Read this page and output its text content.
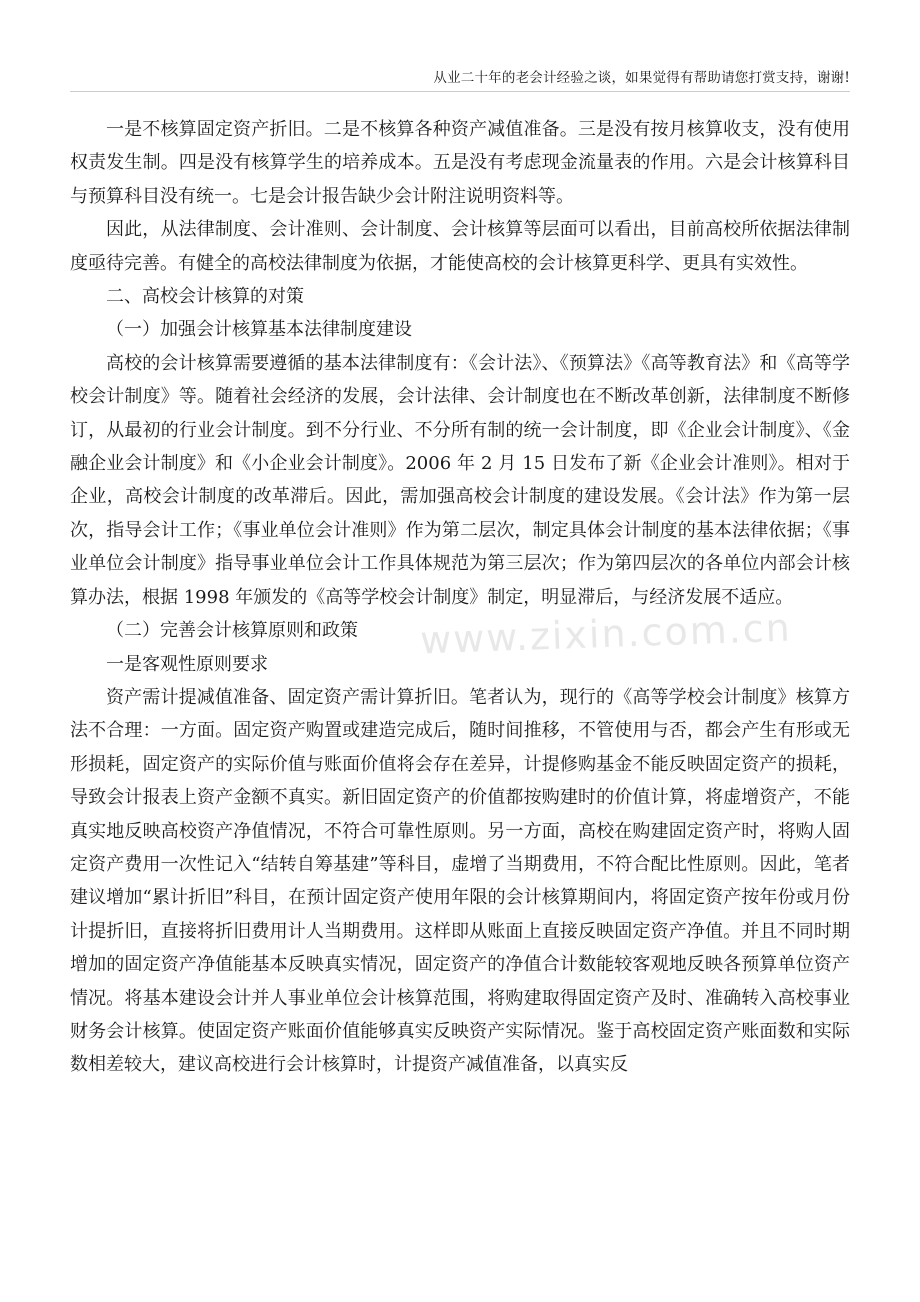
从业二十年的老会计经验之谈，如果觉得有帮助请您打赏支持，谢谢!

一是不核算固定资产折旧。二是不核算各种资产减值准备。三是没有按月核算收支，没有使用权责发生制。四是没有核算学生的培养成本。五是没有考虑现金流量表的作用。六是会计核算科目与预算科目没有统一。七是会计报告缺少会计附注说明资料等。

因此，从法律制度、会计准则、会计制度、会计核算等层面可以看出，目前高校所依据法律制度亟待完善。有健全的高校法律制度为依据，才能使高校的会计核算更科学、更具有实效性。

二、高校会计核算的对策

（一）加强会计核算基本法律制度建设

高校的会计核算需要遵循的基本法律制度有：《会计法》、《预算法》《高等教育法》和《高等学校会计制度》等。随着社会经济的发展，会计法律、会计制度也在不断改革创新，法律制度不断修订，从最初的行业会计制度。到不分行业、不分所有制的统一会计制度，即《企业会计制度》、《金融企业会计制度》和《小企业会计制度》。2006 年 2 月 15 日发布了新《企业会计准则》。相对于企业，高校会计制度的改革滞后。因此，需加强高校会计制度的建设发展。《会计法》作为第一层次，指导会计工作；《事业单位会计准则》作为第二层次，制定具体会计制度的基本法律依据；《事业单位会计制度》指导事业单位会计工作具体规范为第三层次；作为第四层次的各单位内部会计核算办法，根据 1998 年颁发的《高等学校会计制度》制定，明显滞后，与经济发展不适应。

（二）完善会计核算原则和政策

一是客观性原则要求

资产需计提减值准备、固定资产需计算折旧。笔者认为，现行的《高等学校会计制度》核算方法不合理：一方面。固定资产购置或建造完成后，随时间推移，不管使用与否，都会产生有形或无形损耗，固定资产的实际价值与账面价值将会存在差异，计提修购基金不能反映固定资产的损耗，导致会计报表上资产金额不真实。新旧固定资产的价值都按购建时的价值计算，将虚增资产，不能真实地反映高校资产净值情况，不符合可靠性原则。另一方面，高校在购建固定资产时，将购人固定资产费用一次性记入“结转自筹基建”等科目，虚增了当期费用，不符合配比性原则。因此，笔者建议增加“累计折旧”科目，在预计固定资产使用年限的会计核算期间内，将固定资产按年份或月份计提折旧，直接将折旧费用计人当期费用。这样即从账面上直接反映固定资产净值。并且不同时期增加的固定资产净值能基本反映真实情况，固定资产的净值合计数能较客观地反映各预算单位资产情况。将基本建设会计并人事业单位会计核算范围，将购建取得固定资产及时、准确转入高校事业财务会计核算。使固定资产账面价值能够真实反映资产实际情况。鉴于高校固定资产账面数和实际数相差较大，建议高校进行会计核算时，计提资产减值准备，以真实反

www.zixin.com.cn
